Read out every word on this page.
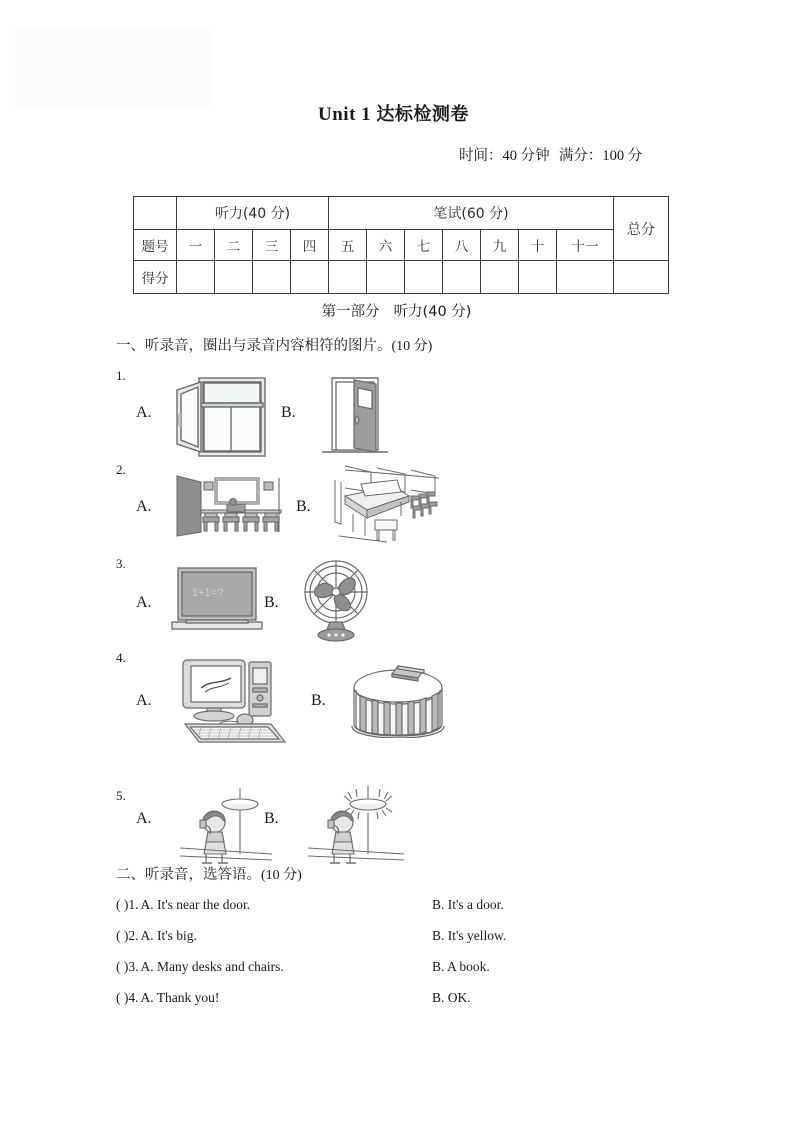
Unit 1 达标检测卷
时间：40 分钟 满分：100 分
	听力(40 分)				笔试(60 分)							总分
题号	一	二	三	四	五	六	七	八	九	十	十一	
得分												
第一部分 听力(40 分)
一、听录音，圈出与录音内容相符的图片。(10 分)
1.
A.	B.
2.
A.	B.
3.
A.
1+1=?
B.
4.
A.	B.
5.
A.	B.
二、听录音，选答语。(10 分)
( )1. A. It's near the door.	B. It's a door.
( )2. A. It's big.	B. It's yellow.
( )3. A. Many desks and chairs.	B. A book.
( )4. A. Thank you!	B. OK.
